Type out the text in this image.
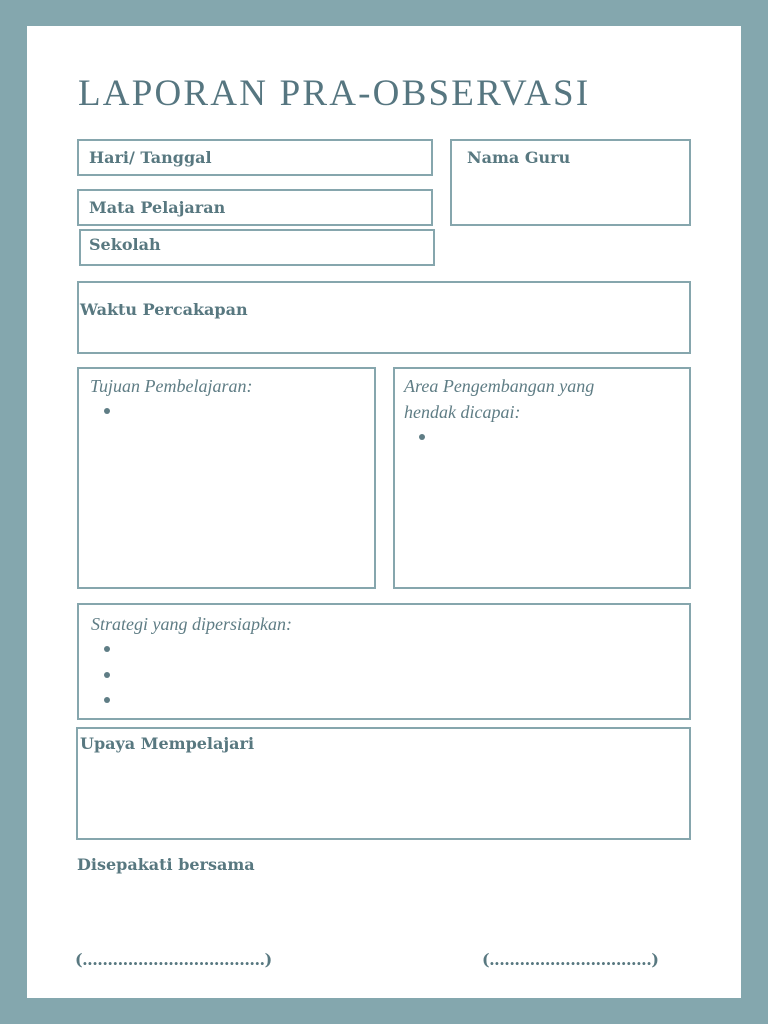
LAPORAN PRA-OBSERVASI
Hari/ Tanggal	Nama Guru
Mata Pelajaran
Sekolah
Waktu Percakapan
Tujuan Pembelajaran:	Area Pengembangan yang
hendak dicapai:
Strategi yang dipersiapkan:
Upaya Mempelajari
Disepakati bersama
(....................................)	(................................)
